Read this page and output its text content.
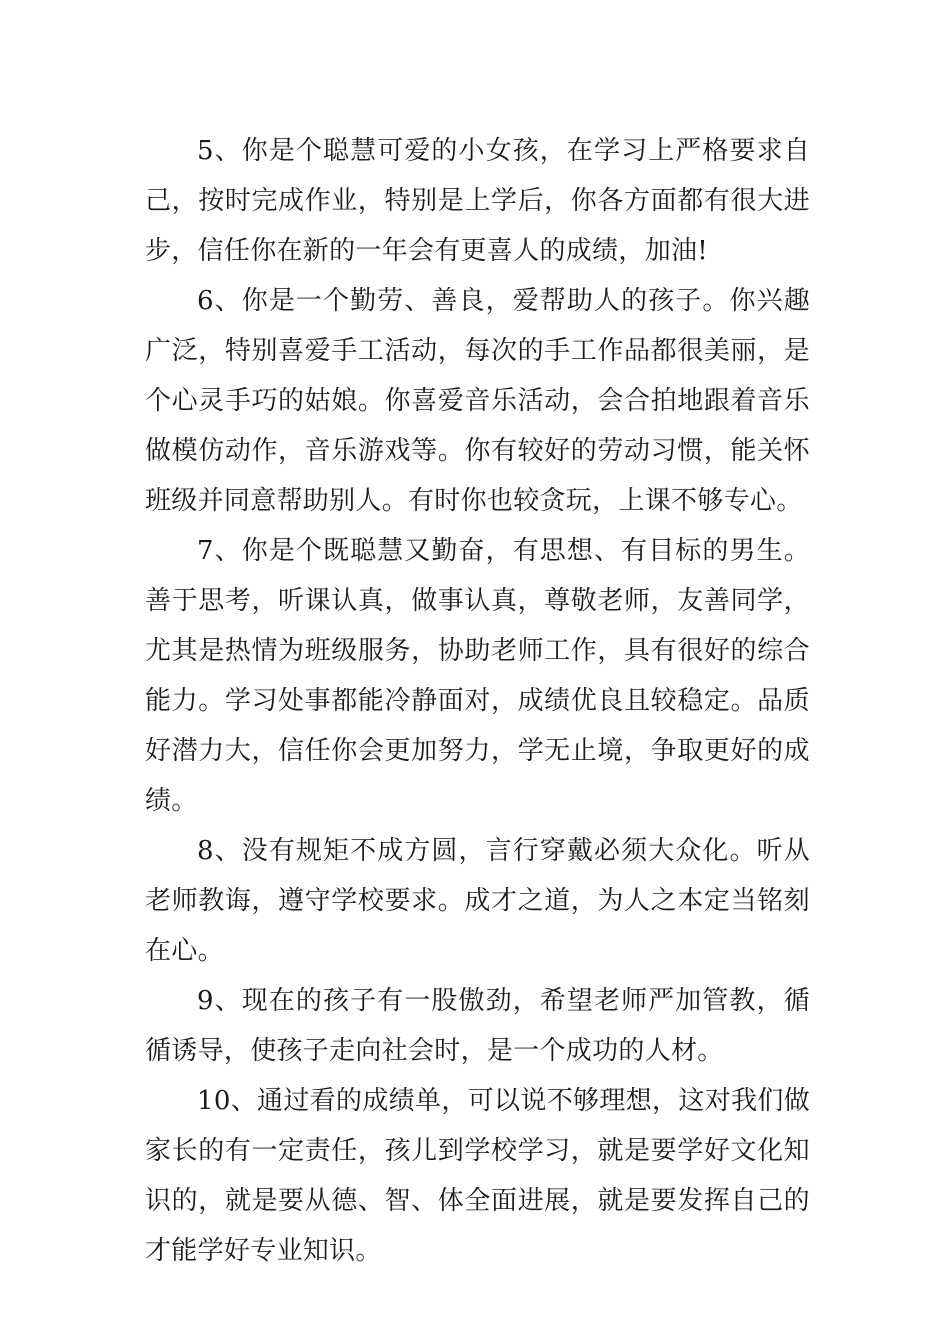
5、你是个聪慧可爱的小女孩，在学习上严格要求自己，按时完成作业，特别是上学后，你各方面都有很大进步，信任你在新的一年会有更喜人的成绩，加油!

6、你是一个勤劳、善良，爱帮助人的孩子。你兴趣广泛，特别喜爱手工活动，每次的手工作品都很美丽，是个心灵手巧的姑娘。你喜爱音乐活动，会合拍地跟着音乐做模仿动作，音乐游戏等。你有较好的劳动习惯，能关怀班级并同意帮助别人。有时你也较贪玩，上课不够专心。

7、你是个既聪慧又勤奋，有思想、有目标的男生。善于思考，听课认真，做事认真，尊敬老师，友善同学，尤其是热情为班级服务，协助老师工作，具有很好的综合能力。学习处事都能冷静面对，成绩优良且较稳定。品质好潜力大，信任你会更加努力，学无止境，争取更好的成绩。

8、没有规矩不成方圆，言行穿戴必须大众化。听从老师教诲，遵守学校要求。成才之道，为人之本定当铭刻在心。

9、现在的孩子有一股傲劲，希望老师严加管教，循循诱导，使孩子走向社会时，是一个成功的人材。

10、通过看的成绩单，可以说不够理想，这对我们做家长的有一定责任，孩儿到学校学习，就是要学好文化知识的，就是要从德、智、体全面进展，就是要发挥自己的才能学好专业知识。
